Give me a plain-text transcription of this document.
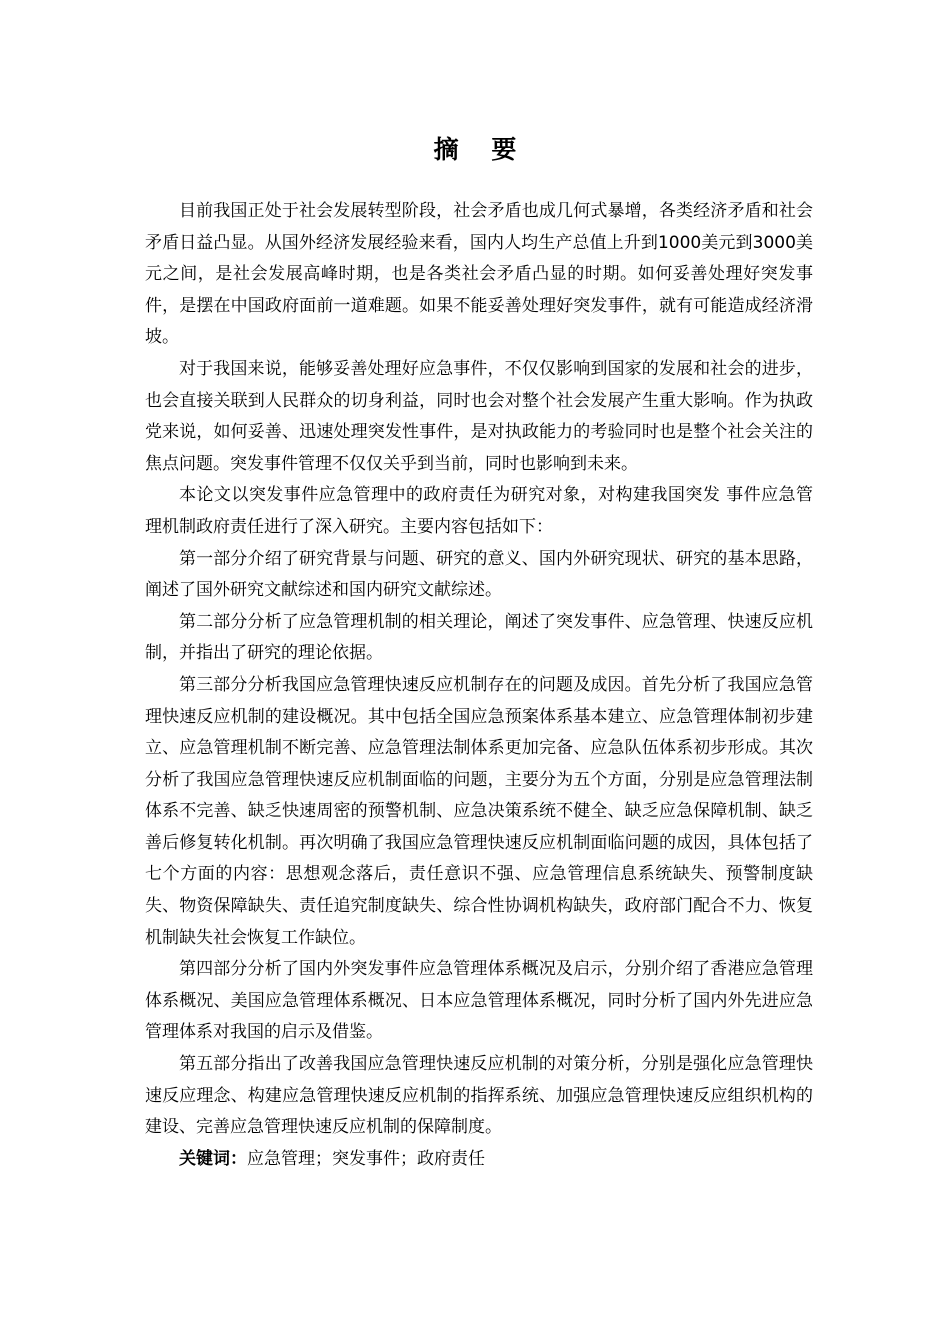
摘 要

目前我国正处于社会发展转型阶段，社会矛盾也成几何式暴增，各类经济矛盾和社会矛盾日益凸显。从国外经济发展经验来看，国内人均生产总值上升到1000美元到3000美元之间，是社会发展高峰时期，也是各类社会矛盾凸显的时期。如何妥善处理好突发事件，是摆在中国政府面前一道难题。如果不能妥善处理好突发事件，就有可能造成经济滑坡。

对于我国来说，能够妥善处理好应急事件，不仅仅影响到国家的发展和社会的进步，也会直接关联到人民群众的切身利益，同时也会对整个社会发展产生重大影响。作为执政党来说，如何妥善、迅速处理突发性事件，是对执政能力的考验同时也是整个社会关注的焦点问题。突发事件管理不仅仅关乎到当前，同时也影响到未来。

本论文以突发事件应急管理中的政府责任为研究对象，对构建我国突发 事件应急管理机制政府责任进行了深入研究。主要内容包括如下：

第一部分介绍了研究背景与问题、研究的意义、国内外研究现状、研究的基本思路，阐述了国外研究文献综述和国内研究文献综述。

第二部分分析了应急管理机制的相关理论，阐述了突发事件、应急管理、快速反应机制，并指出了研究的理论依据。

第三部分分析我国应急管理快速反应机制存在的问题及成因。首先分析了我国应急管理快速反应机制的建设概况。其中包括全国应急预案体系基本建立、应急管理体制初步建立、应急管理机制不断完善、应急管理法制体系更加完备、应急队伍体系初步形成。其次分析了我国应急管理快速反应机制面临的问题，主要分为五个方面，分别是应急管理法制体系不完善、缺乏快速周密的预警机制、应急决策系统不健全、缺乏应急保障机制、缺乏善后修复转化机制。再次明确了我国应急管理快速反应机制面临问题的成因，具体包括了七个方面的内容：思想观念落后，责任意识不强、应急管理信息系统缺失、预警制度缺失、物资保障缺失、责任追究制度缺失、综合性协调机构缺失，政府部门配合不力、恢复机制缺失社会恢复工作缺位。

第四部分分析了国内外突发事件应急管理体系概况及启示，分别介绍了香港应急管理体系概况、美国应急管理体系概况、日本应急管理体系概况，同时分析了国内外先进应急管理体系对我国的启示及借鉴。

第五部分指出了改善我国应急管理快速反应机制的对策分析，分别是强化应急管理快速反应理念、构建应急管理快速反应机制的指挥系统、加强应急管理快速反应组织机构的建设、完善应急管理快速反应机制的保障制度。

关键词：应急管理；突发事件；政府责任
